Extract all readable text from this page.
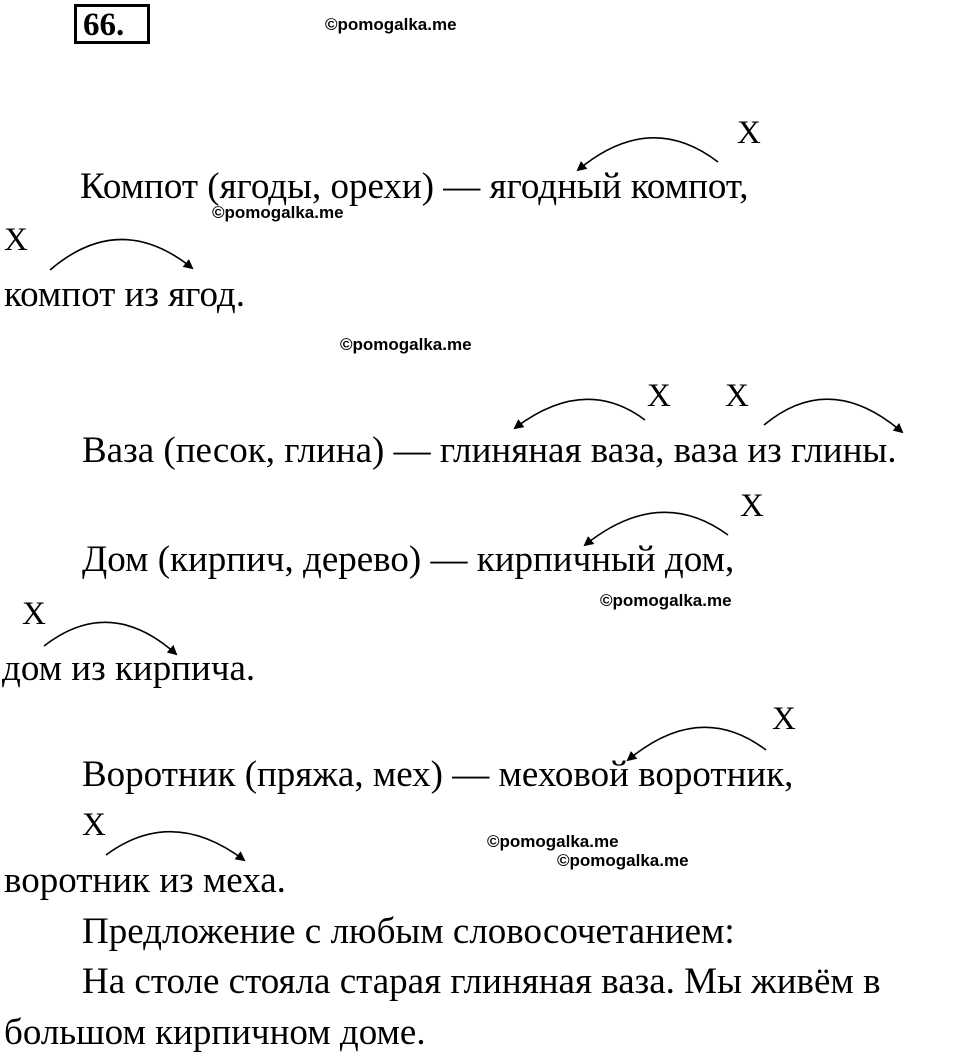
66.	©pomogalka.me
©pomogalka.me
©pomogalka.me
©pomogalka.me
©pomogalka.me
©pomogalka.me
Компот (ягоды, орехи) — ягодный компот,
компот из ягод.
Ваза (песок, глина) — глиняная ваза, ваза из глины.
Дом (кирпич, дерево) — кирпичный дом,
дом из кирпича.
Воротник (пряжа, мех) — меховой воротник,
воротник из меха.
Предложение с любым словосочетанием:
На столе стояла старая глиняная ваза. Мы живём в
большом кирпичном доме.
X
X
X X
X
X
X
X
